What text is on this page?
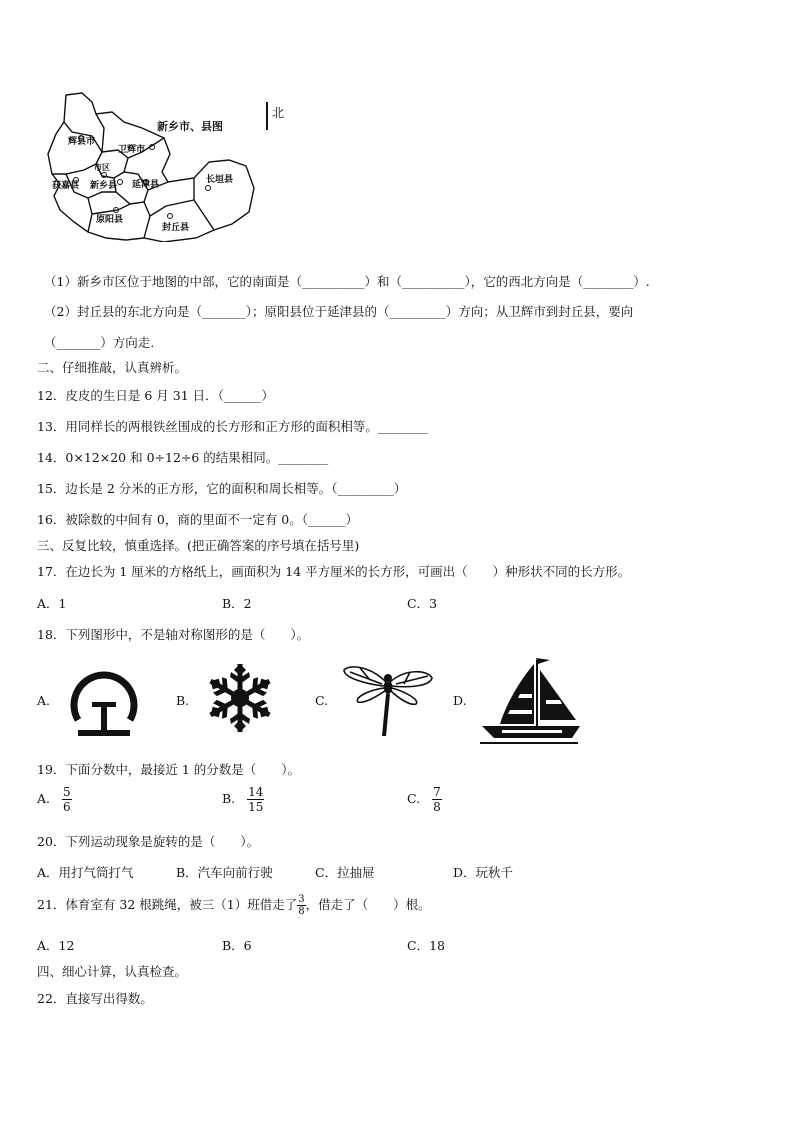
新乡市、县图
辉县市
卫辉市
市区
获嘉县 新乡县 延津县	长垣县
原阳县
封丘县
北
（1）新乡市区位于地图的中部，它的南面是（__________）和（__________），它的西北方向是（________）.
（2）封丘县的东北方向是（_______）；原阳县位于延津县的（_________）方向；从卫辉市到封丘县，要向
（_______）方向走.
二、仔细推敲，认真辨析。
12．皮皮的生日是 6 月 31 日．（______）
13．用同样长的两根铁丝围成的长方形和正方形的面积相等。________
14．0×12×20 和 0÷12÷6 的结果相同。________
15．边长是 2 分米的正方形，它的面积和周长相等。（_________）
16．被除数的中间有 0，商的里面不一定有 0。（______）
三、反复比较，慎重选择。(把正确答案的序号填在括号里)
17．在边长为 1 厘米的方格纸上，画面积为 14 平方厘米的长方形，可画出（　　）种形状不同的长方形。
A．1	B．2	C．3
18．下列图形中，不是轴对称图形的是（　　）。
A.	B.	C.	D.
19．下面分数中，最接近 1 的分数是（　　）。
A. $\frac{5}{6}$	B. $\frac{14}{15}$	C. $\frac{7}{8}$
20．下列运动现象是旋转的是（　　）。
A．用打气筒打气	B．汽车向前行驶	C．拉抽屉	D．玩秋千
21．体育室有 32 根跳绳，被三（1）班借走了 $\frac{3}{8}$ ，借走了（　　）根。
A．12	B．6	C．18
四、细心计算，认真检查。
22．直接写出得数。
